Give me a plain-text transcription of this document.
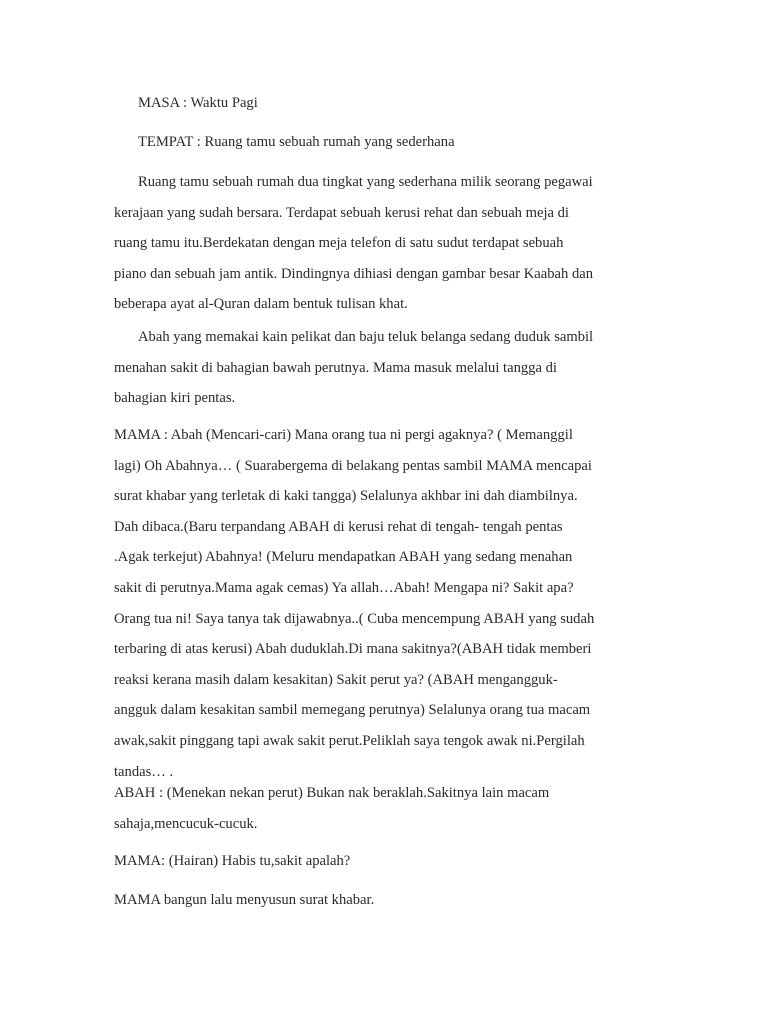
MASA : Waktu Pagi

TEMPAT : Ruang tamu sebuah rumah yang sederhana

Ruang tamu sebuah rumah dua tingkat yang sederhana milik seorang pegawai
kerajaan yang sudah bersara. Terdapat sebuah kerusi rehat dan sebuah meja di
ruang tamu itu.Berdekatan dengan meja telefon di satu sudut terdapat sebuah
piano dan sebuah jam antik. Dindingnya dihiasi dengan gambar besar Kaabah dan
beberapa ayat al-Quran dalam bentuk tulisan khat.

Abah yang memakai kain pelikat dan baju teluk belanga sedang duduk sambil
menahan sakit di bahagian bawah perutnya. Mama masuk melalui tangga di
bahagian kiri pentas.

MAMA : Abah (Mencari-cari) Mana orang tua ni pergi agaknya? ( Memanggil
lagi) Oh Abahnya… ( Suarabergema di belakang pentas sambil MAMA mencapai
surat khabar yang terletak di kaki tangga) Selalunya akhbar ini dah diambilnya.
Dah dibaca.(Baru terpandang ABAH di kerusi rehat di tengah- tengah pentas
.Agak terkejut) Abahnya! (Meluru mendapatkan ABAH yang sedang menahan
sakit di perutnya.Mama agak cemas) Ya allah…Abah! Mengapa ni? Sakit apa?
Orang tua ni! Saya tanya tak dijawabnya..( Cuba mencempung ABAH yang sudah
terbaring di atas kerusi) Abah duduklah.Di mana sakitnya?(ABAH tidak memberi
reaksi kerana masih dalam kesakitan) Sakit perut ya? (ABAH mengangguk-
angguk dalam kesakitan sambil memegang perutnya) Selalunya orang tua macam
awak,sakit pinggang tapi awak sakit perut.Peliklah saya tengok awak ni.Pergilah
tandas… .

ABAH : (Menekan nekan perut) Bukan nak beraklah.Sakitnya lain macam
sahaja,mencucuk-cucuk.

MAMA: (Hairan) Habis tu,sakit apalah?

MAMA bangun lalu menyusun surat khabar.
